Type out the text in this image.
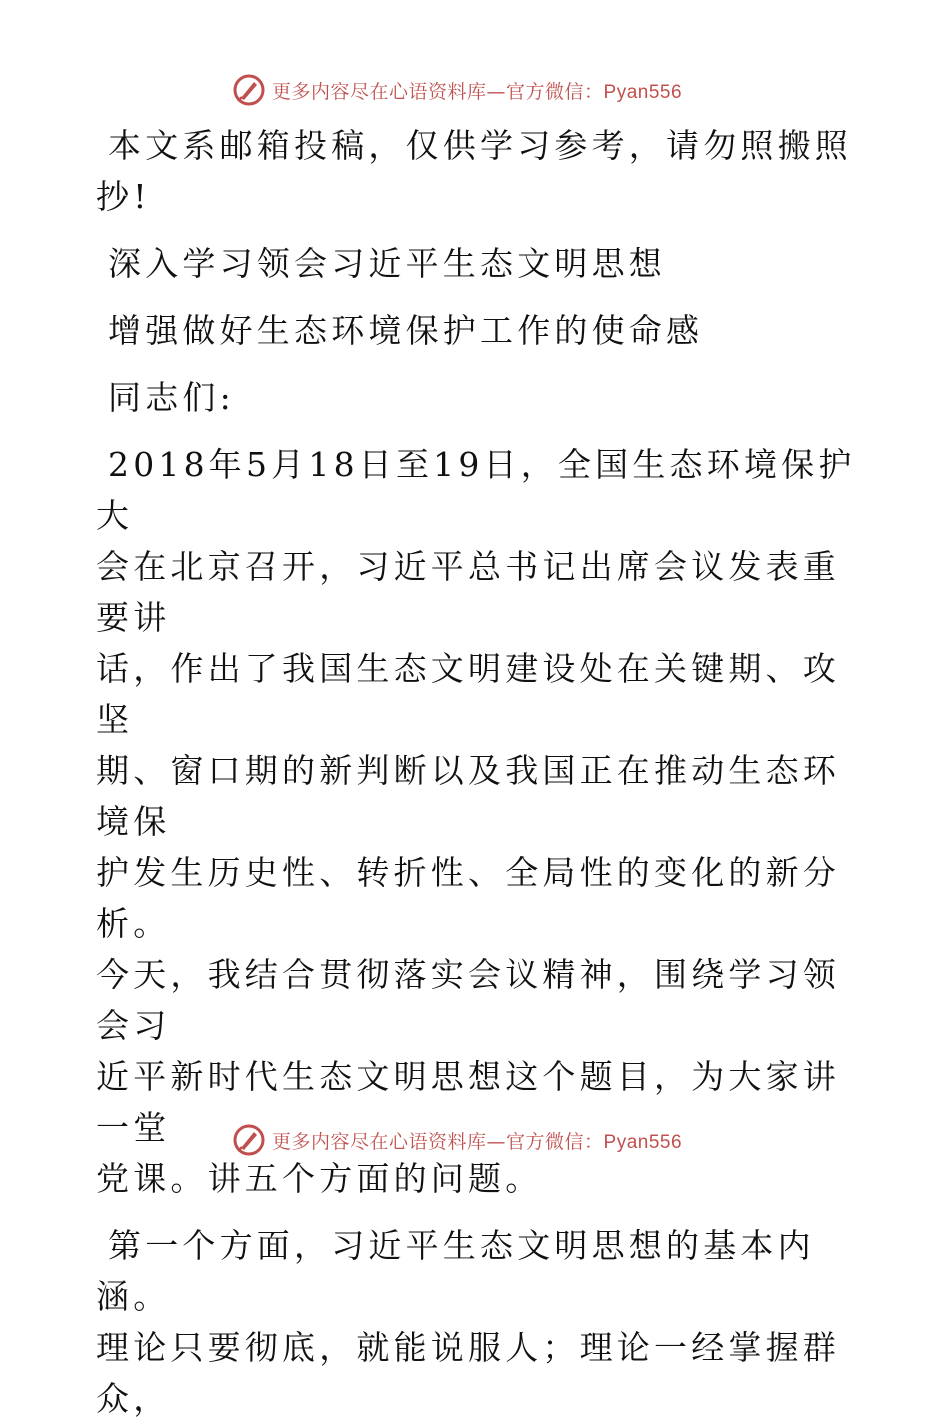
更多内容尽在心语资料库—官方微信：Pyan556

本文系邮箱投稿，仅供学习参考，请勿照搬照

抄!

深入学习领会习近平生态文明思想

增强做好生态环境保护工作的使命感

同志们:

2018年5月18日至19日，全国生态环境保护大

会在北京召开，习近平总书记出席会议发表重要讲

话，作出了我国生态文明建设处在关键期、攻坚

期、窗口期的新判断以及我国正在推动生态环境保

护发生历史性、转折性、全局性的变化的新分析。

今天，我结合贯彻落实会议精神，围绕学习领会习

近平新时代生态文明思想这个题目，为大家讲一堂

党课。讲五个方面的问题。

第一个方面，习近平生态文明思想的基本内涵。

理论只要彻底，就能说服人；理论一经掌握群众，

更多内容尽在心语资料库—官方微信：Pyan556
